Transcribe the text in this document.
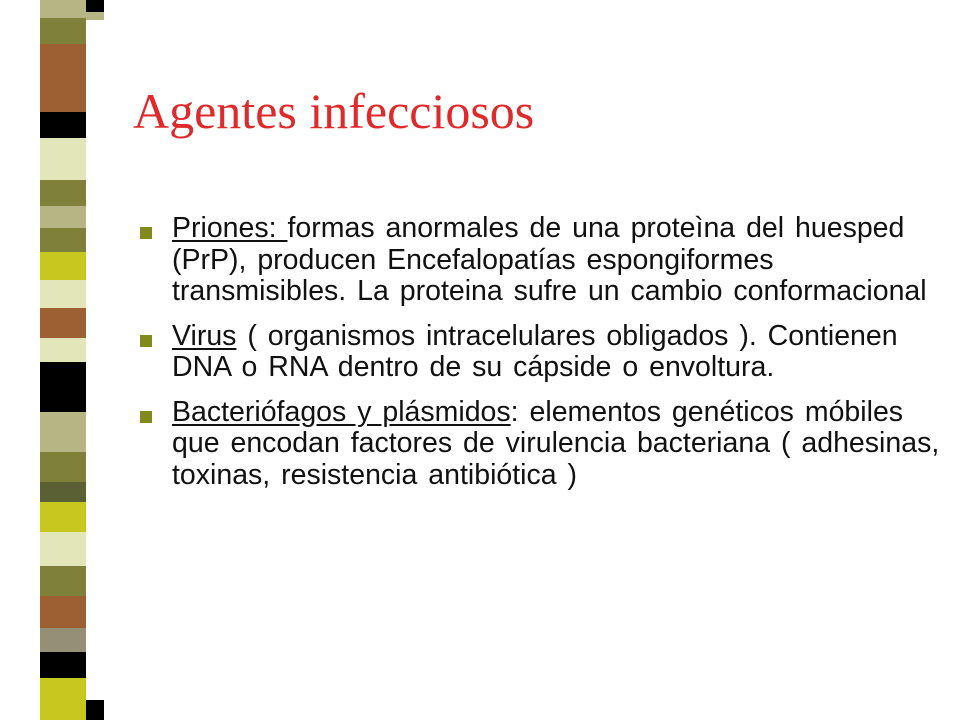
Agentes infecciosos

Priones: formas anormales de una proteìna del huesped (PrP), producen Encefalopatías espongiformes transmisibles. La proteina sufre un cambio conformacional

Virus ( organismos intracelulares obligados ). Contienen DNA o RNA dentro de su cápside o envoltura.

Bacteriófagos y plásmidos: elementos genéticos móbiles que encodan factores de virulencia bacteriana ( adhesinas, toxinas, resistencia antibiótica )
